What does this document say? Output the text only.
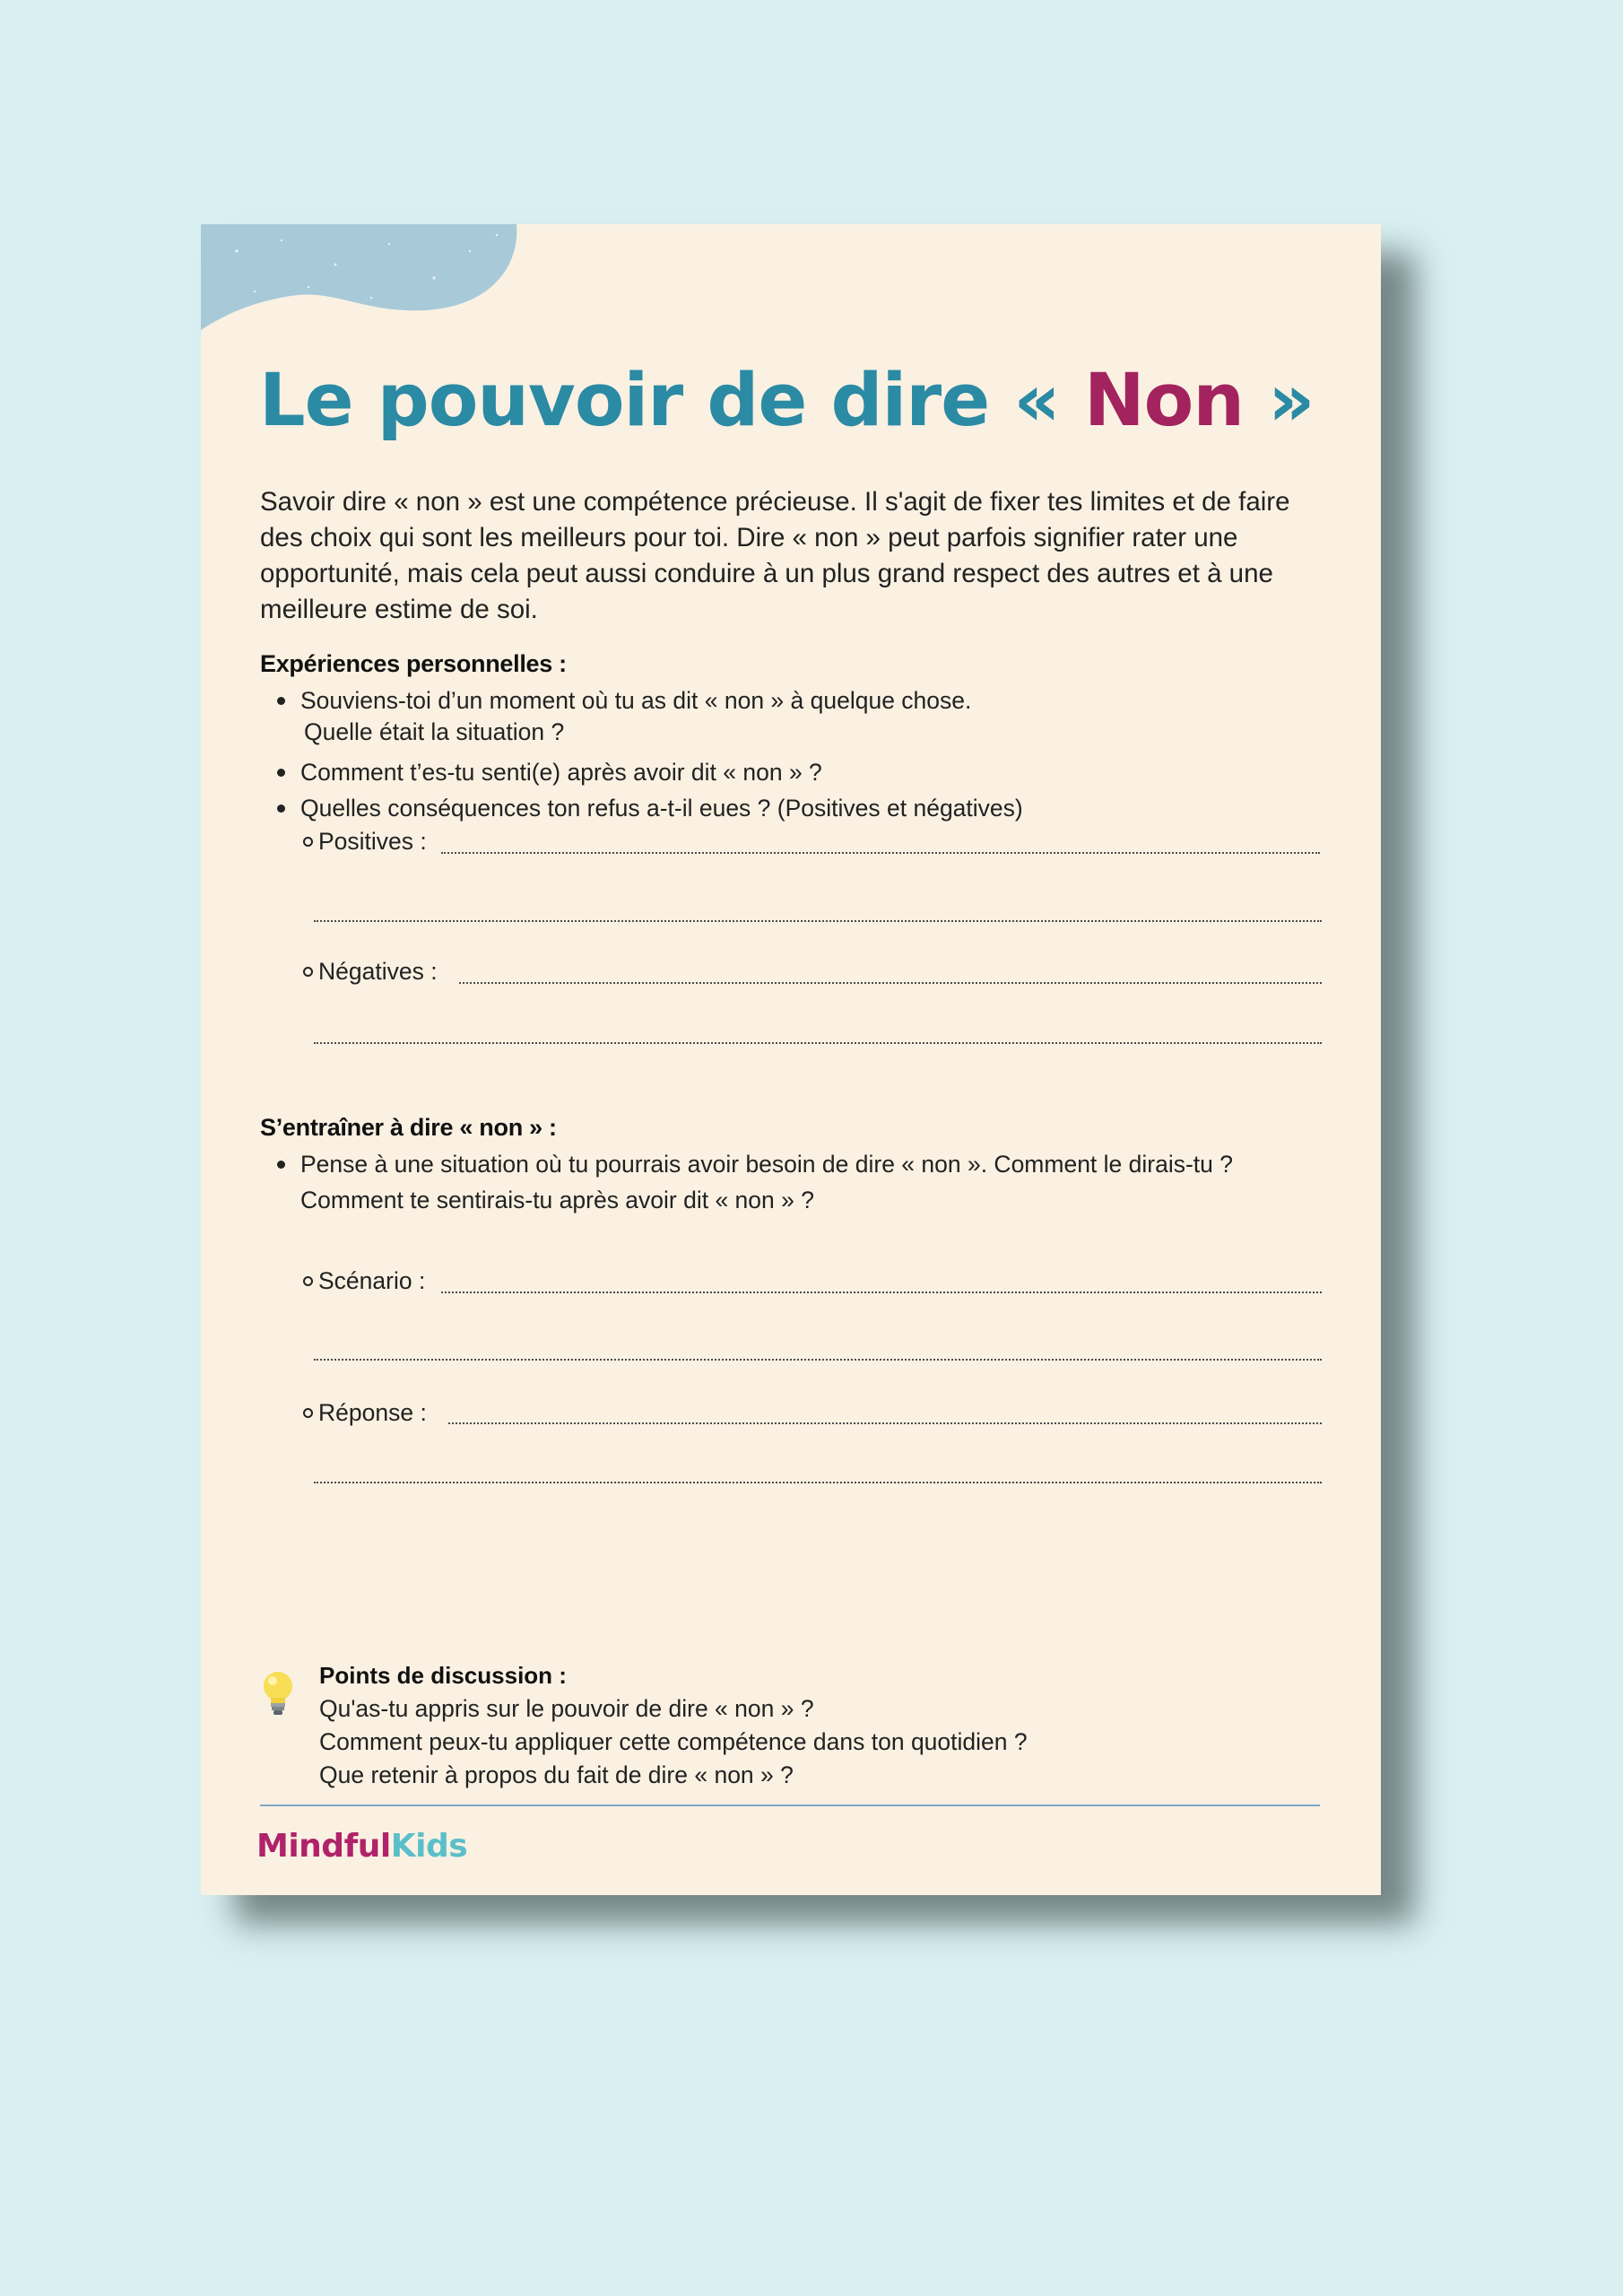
Le pouvoir de dire « Non »

Savoir dire « non » est une compétence précieuse. Il s'agit de fixer tes limites et de faire des choix qui sont les meilleurs pour toi. Dire « non » peut parfois signifier rater une opportunité, mais cela peut aussi conduire à un plus grand respect des autres et à une meilleure estime de soi.

Expériences personnelles :
Souviens-toi d’un moment où tu as dit « non » à quelque chose.
Quelle était la situation ?
Comment t’es-tu senti(e) après avoir dit « non » ?
Quelles conséquences ton refus a-t-il eues ? (Positives et négatives)
Positives :
Négatives :
S’entraîner à dire « non » :
Pense à une situation où tu pourrais avoir besoin de dire « non ». Comment le dirais-tu ? Comment te sentirais-tu après avoir dit « non » ?
Scénario :
Réponse :
Points de discussion :
Qu'as-tu appris sur le pouvoir de dire « non » ?
Comment peux-tu appliquer cette compétence dans ton quotidien ?
Que retenir à propos du fait de dire « non » ?
MindfulKids
